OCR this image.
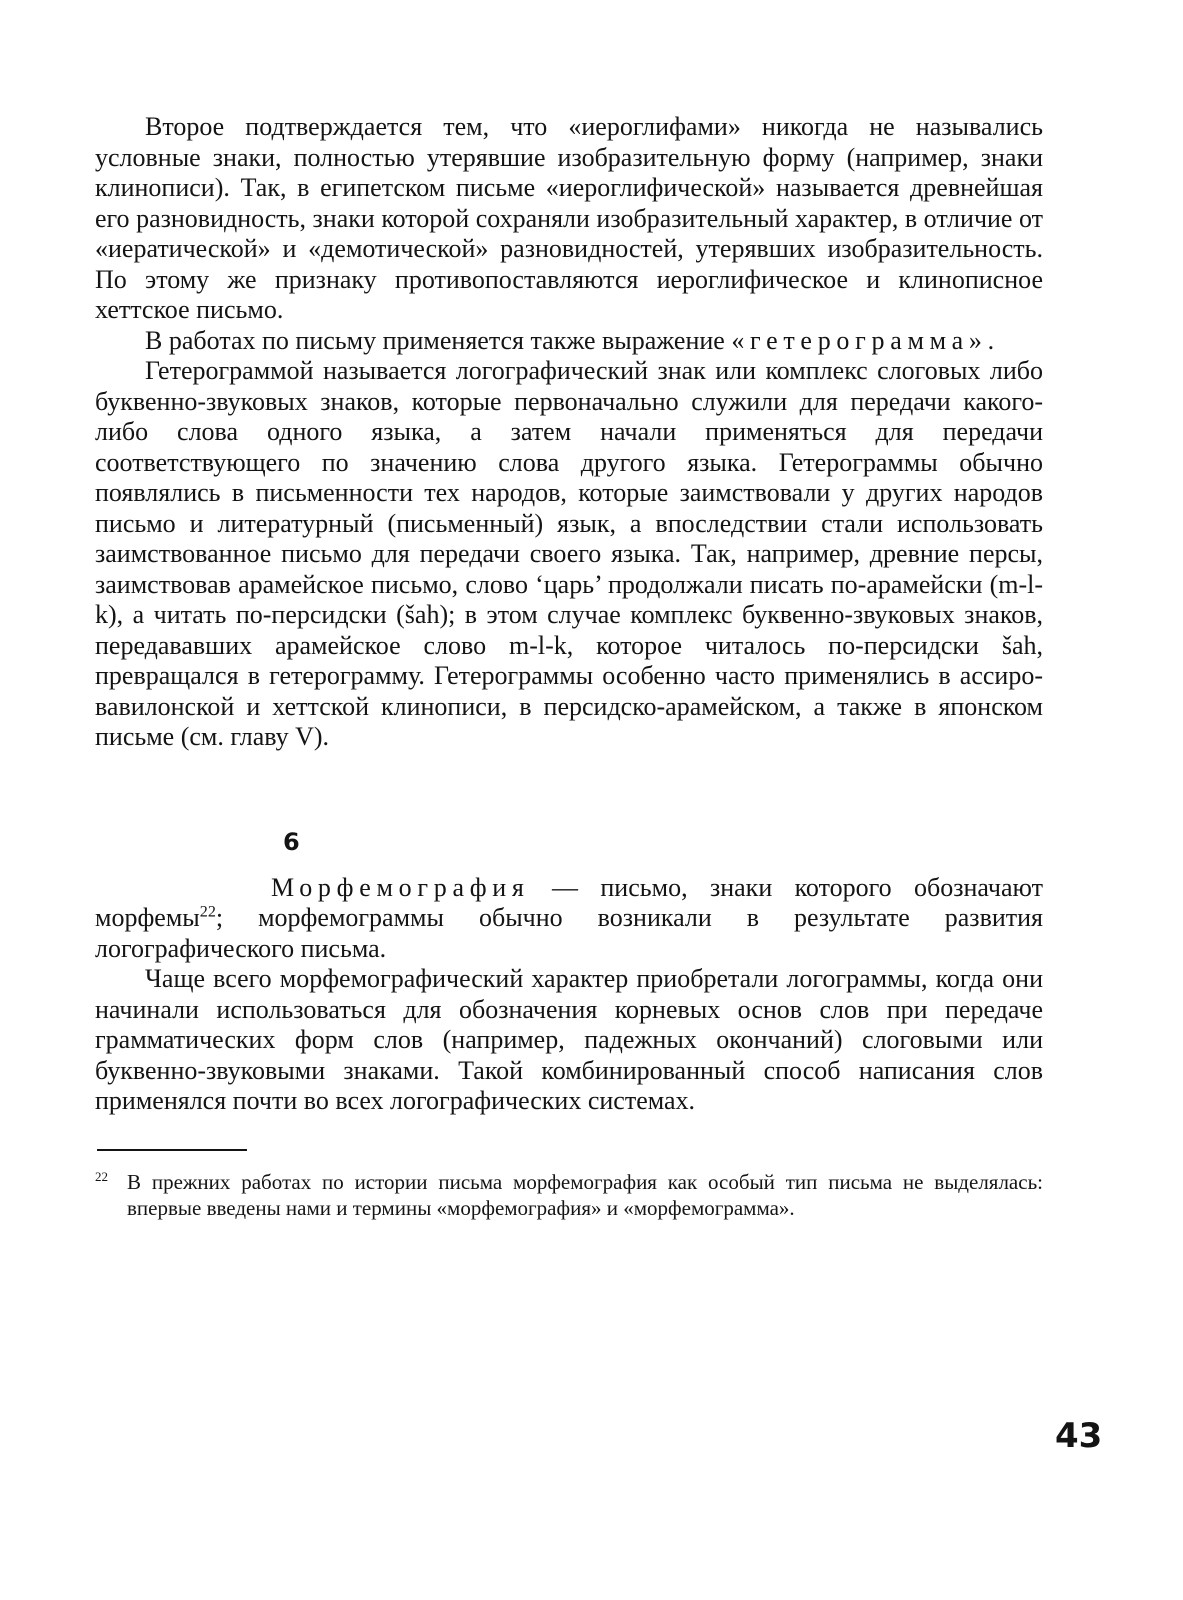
Второе подтверждается тем, что «иероглифами» никогда не назывались условные знаки, полностью утерявшие изобразительную форму (например, знаки клинописи). Так, в египетском письме «иероглифической» называется древнейшая его разновидность, знаки которой сохраняли изобразительный характер, в отличие от «иератической» и «демотической» разновидностей, утерявших изобразительность. По этому же признаку противопоставляются иероглифическое и клинописное хеттское письмо.

В работах по письму применяется также выражение «гетерограмма».

Гетерограммой называется логографический знак или комплекс слоговых либо буквенно-звуковых знаков, которые первоначально служили для передачи какого-либо слова одного языка, а затем начали применяться для передачи соответствующего по значению слова другого языка. Гетерограммы обычно появлялись в письменности тех народов, которые заимствовали у других народов письмо и литературный (письменный) язык, а впоследствии стали использовать заимствованное письмо для передачи своего языка. Так, например, древние персы, заимствовав арамейское письмо, слово ‘царь’ продолжали писать по-арамейски (m-l-k), а читать по-персидски (šah); в этом случае комплекс буквенно-звуковых знаков, передававших арамейское слово m-l-k, которое читалось по-персидски šah, превращался в гетерограмму. Гетерограммы особенно часто применялись в ассиро-вавилонской и хеттской клинописи, в персидско-арамейском, а также в японском письме (см. главу V).

6

Морфемография — письмо, знаки которого обозначают морфемы$^{22}$; морфемограммы обычно возникали в результате развития логографического письма.

Чаще всего морфемографический характер приобретали логограммы, когда они начинали использоваться для обозначения корневых основ слов при передаче грамматических форм слов (например, падежных окончаний) слоговыми или буквенно-звуковыми знаками. Такой комбинированный способ написания слов применялся почти во всех логографических системах.

$^{22}$ В прежних работах по истории письма морфемография как особый тип письма не выделялась: впервые введены нами и термины «морфемография» и «морфемограмма».

43
